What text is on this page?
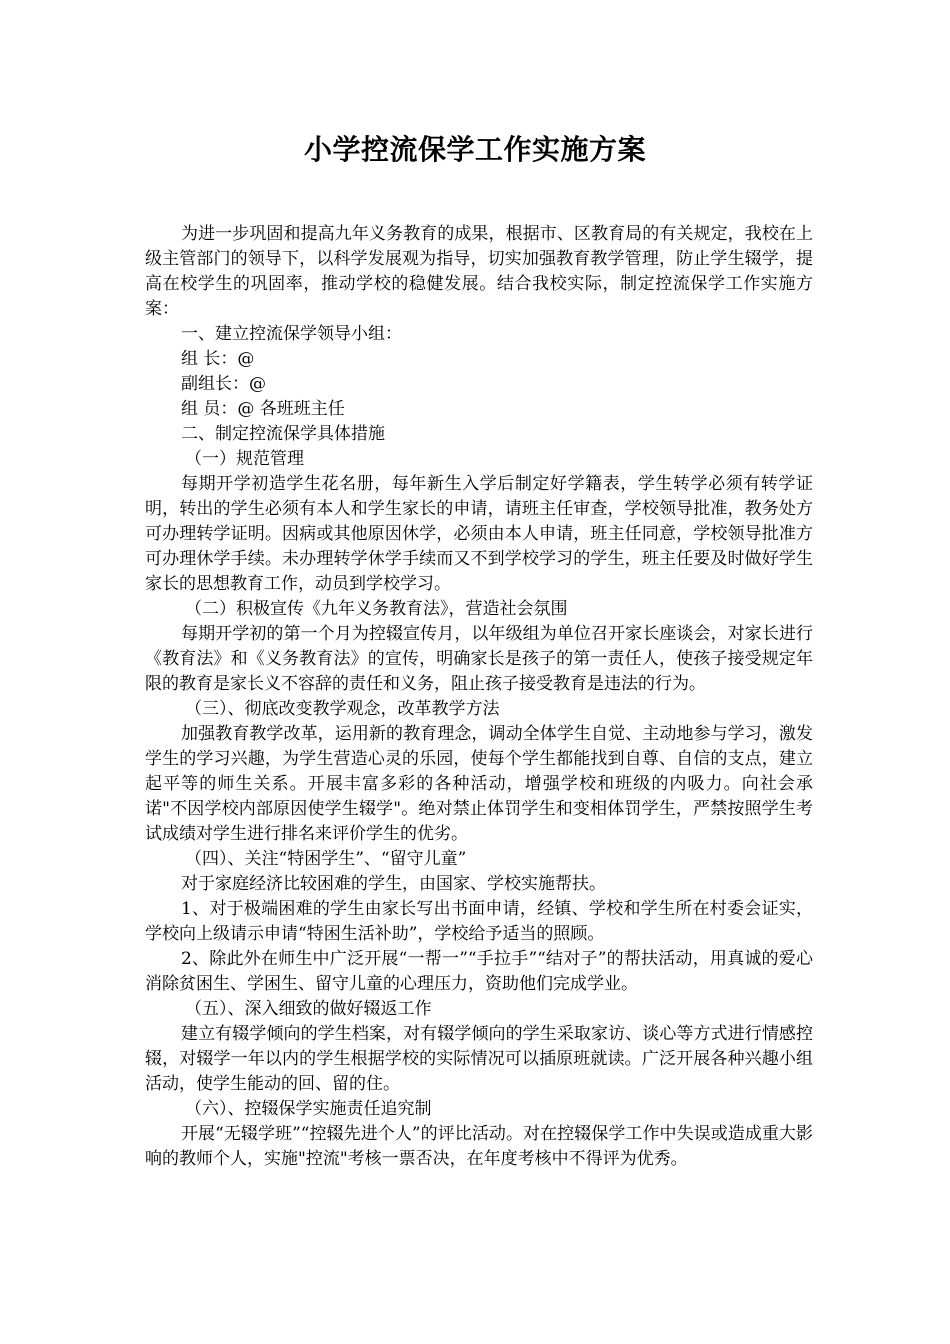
小学控流保学工作实施方案

为进一步巩固和提高九年义务教育的成果，根据市、区教育局的有关规定，我校在上级主管部门的领导下，以科学发展观为指导，切实加强教育教学管理，防止学生辍学，提高在校学生的巩固率，推动学校的稳健发展。结合我校实际，制定控流保学工作实施方案：

一、建立控流保学领导小组：

组 长：@

副组长：@

组 员：@ 各班班主任

二、制定控流保学具体措施

（一）规范管理

每期开学初造学生花名册，每年新生入学后制定好学籍表，学生转学必须有转学证明，转出的学生必须有本人和学生家长的申请，请班主任审查，学校领导批准，教务处方可办理转学证明。因病或其他原因休学，必须由本人申请，班主任同意，学校领导批准方可办理休学手续。未办理转学休学手续而又不到学校学习的学生，班主任要及时做好学生家长的思想教育工作，动员到学校学习。

（二）积极宣传《九年义务教育法》，营造社会氛围

每期开学初的第一个月为控辍宣传月，以年级组为单位召开家长座谈会，对家长进行《教育法》和《义务教育法》的宣传，明确家长是孩子的第一责任人，使孩子接受规定年限的教育是家长义不容辞的责任和义务，阻止孩子接受教育是违法的行为。

（三）、彻底改变教学观念，改革教学方法

加强教育教学改革，运用新的教育理念，调动全体学生自觉、主动地参与学习，激发学生的学习兴趣，为学生营造心灵的乐园，使每个学生都能找到自尊、自信的支点，建立起平等的师生关系。开展丰富多彩的各种活动，增强学校和班级的内吸力。向社会承诺"不因学校内部原因使学生辍学"。绝对禁止体罚学生和变相体罚学生，严禁按照学生考试成绩对学生进行排名来评价学生的优劣。

（四）、关注“特困学生”、“留守儿童”

对于家庭经济比较困难的学生，由国家、学校实施帮扶。

1、对于极端困难的学生由家长写出书面申请，经镇、学校和学生所在村委会证实，学校向上级请示申请“特困生活补助”，学校给予适当的照顾。

2、除此外在师生中广泛开展“一帮一”“手拉手”“结对子”的帮扶活动，用真诚的爱心消除贫困生、学困生、留守儿童的心理压力，资助他们完成学业。

（五）、深入细致的做好辍返工作

建立有辍学倾向的学生档案，对有辍学倾向的学生采取家访、谈心等方式进行情感控辍，对辍学一年以内的学生根据学校的实际情况可以插原班就读。广泛开展各种兴趣小组活动，使学生能动的回、留的住。

（六）、控辍保学实施责任追究制

开展“无辍学班”“控辍先进个人”的评比活动。对在控辍保学工作中失误或造成重大影响的教师个人，实施"控流"考核一票否决，在年度考核中不得评为优秀。
